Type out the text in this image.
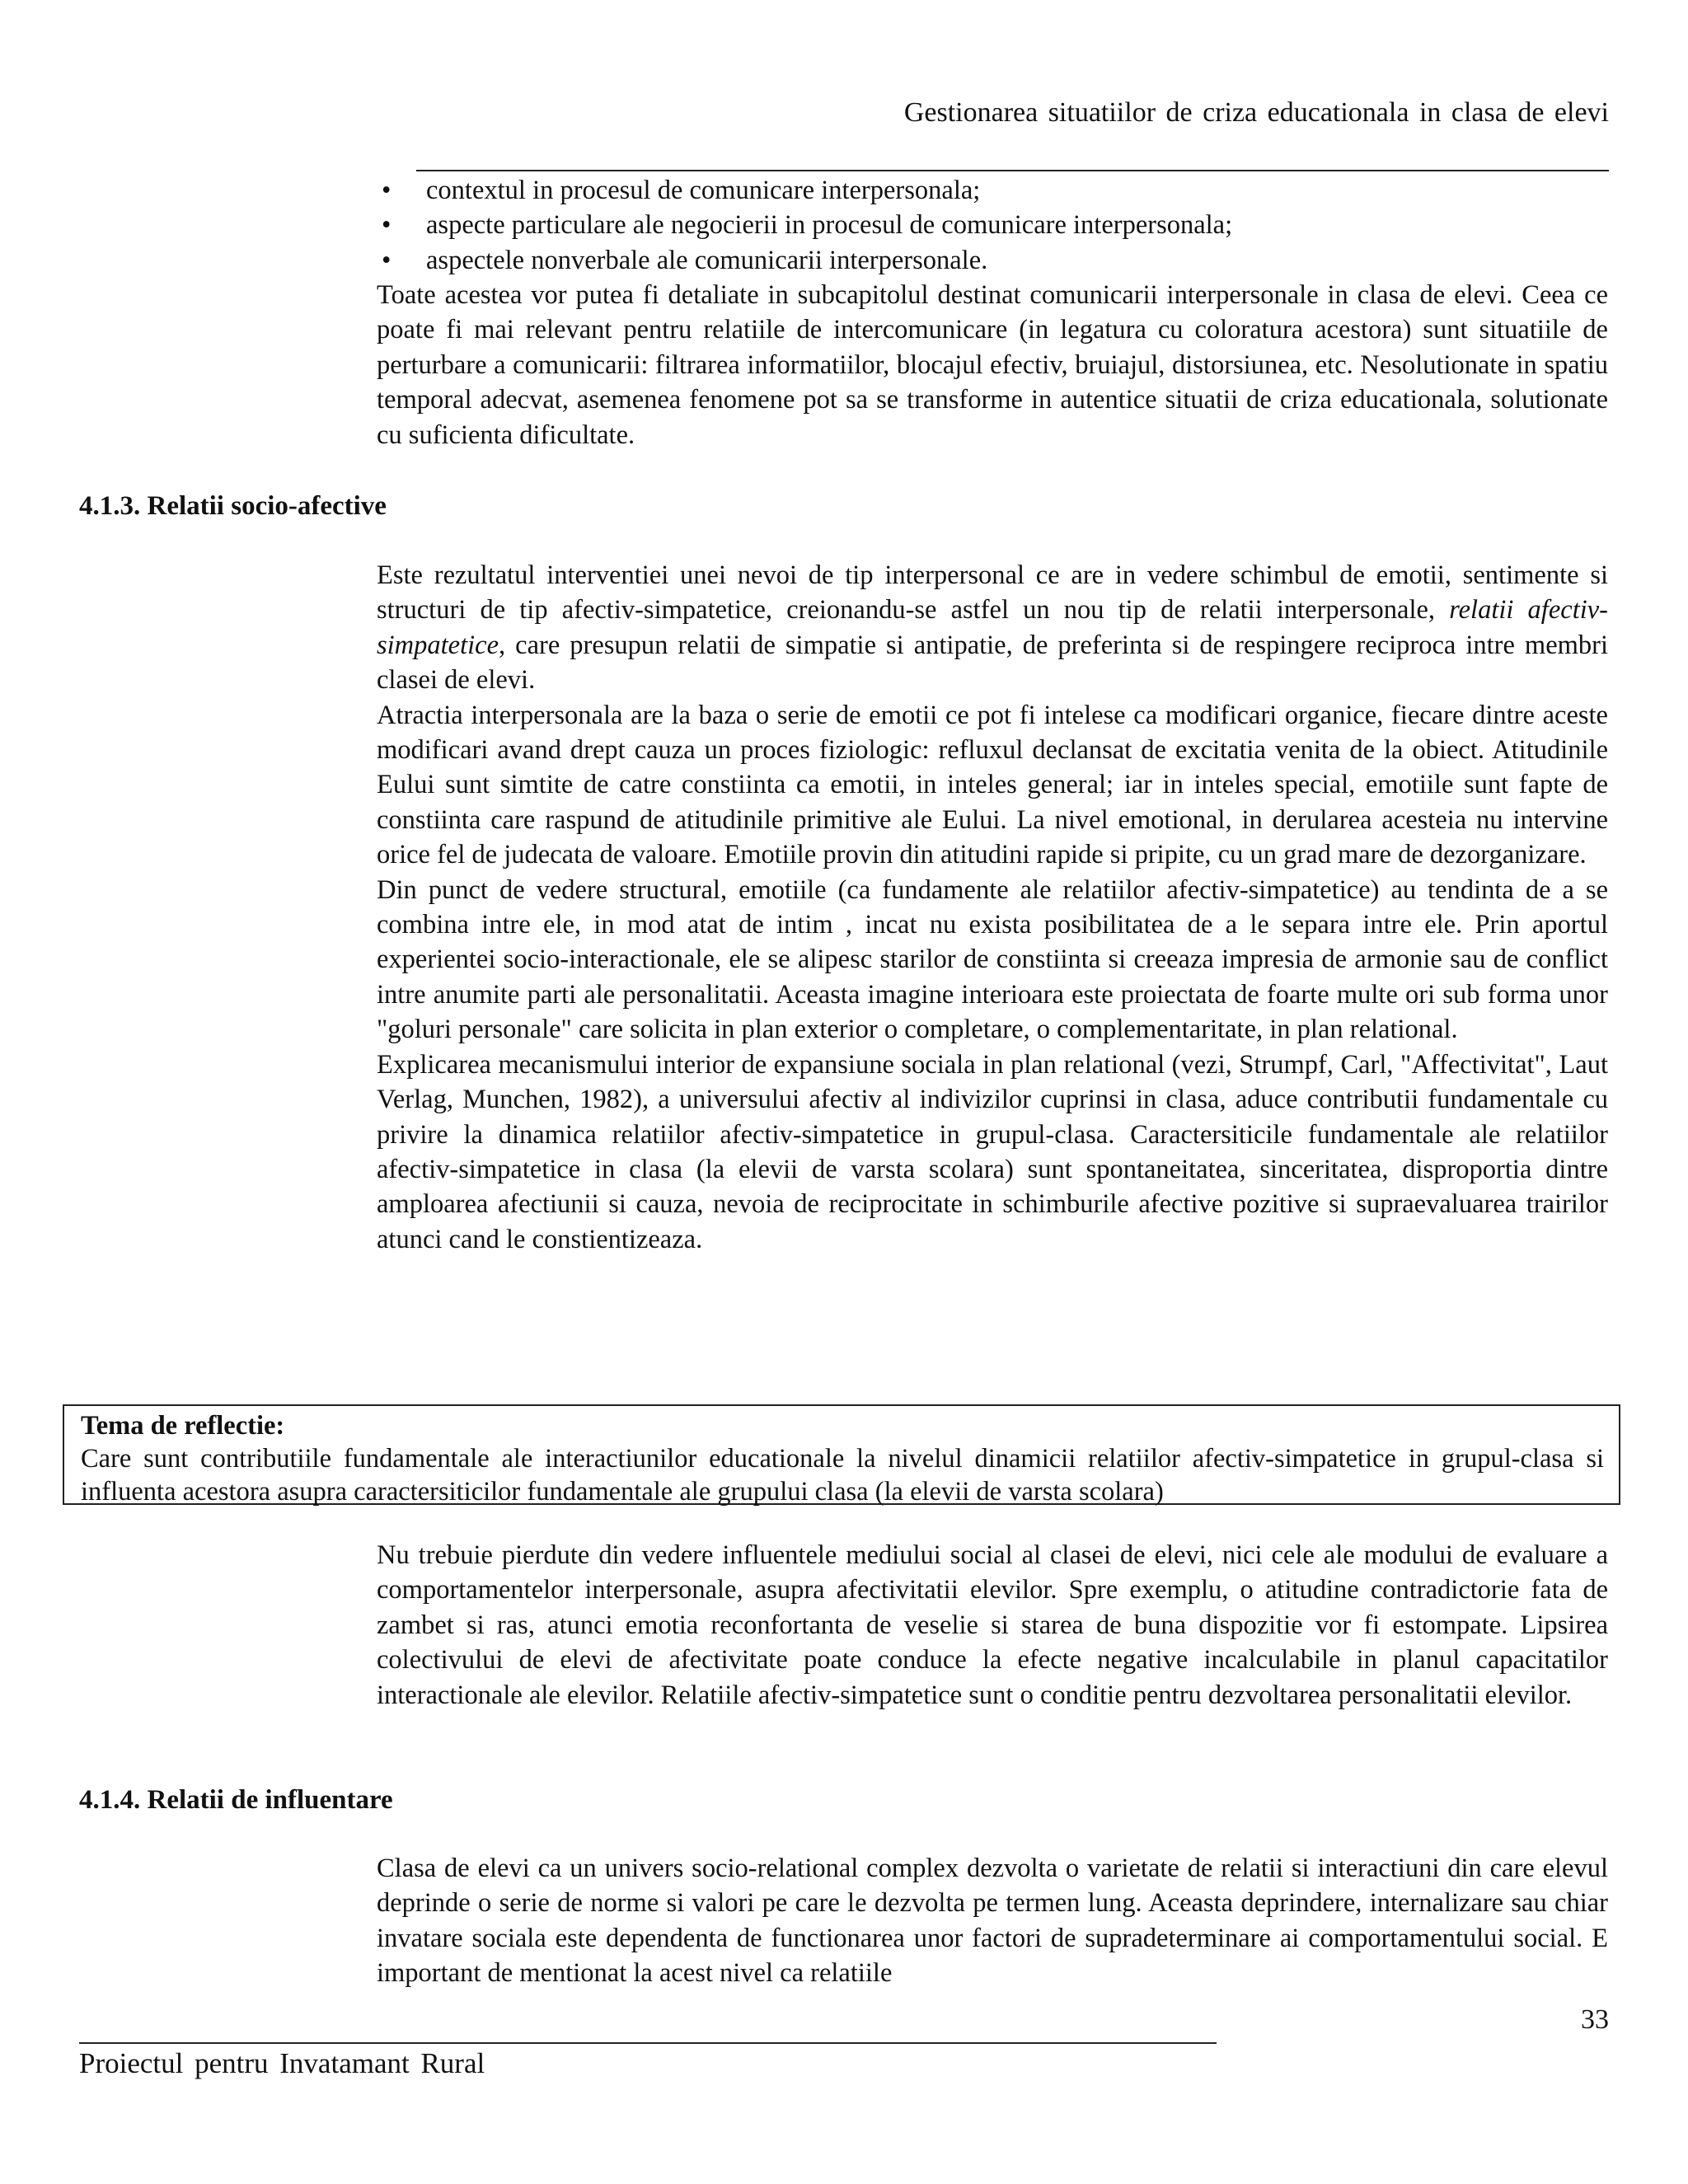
Gestionarea situatiilor de criza educationala in clasa de elevi
• contextul in procesul de comunicare interpersonala;
• aspecte particulare ale negocierii in procesul de comunicare interpersonala;
• aspectele nonverbale ale comunicarii interpersonale.

Toate acestea vor putea fi detaliate in subcapitolul destinat comunicarii interpersonale in clasa de elevi. Ceea ce poate fi mai relevant pentru relatiile de intercomunicare (in legatura cu coloratura acestora) sunt situatiile de perturbare a comunicarii: filtrarea informatiilor, blocajul efectiv, bruiajul, distorsiunea, etc. Nesolutionate in spatiu temporal adecvat, asemenea fenomene pot sa se transforme in autentice situatii de criza educationala, solutionate cu suficienta dificultate.

4.1.3. Relatii socio-afective

Este rezultatul interventiei unei nevoi de tip interpersonal ce are in vedere schimbul de emotii, sentimente si structuri de tip afectiv-simpatetice, creionandu-se astfel un nou tip de relatii interpersonale, relatii afectiv-simpatetice, care presupun relatii de simpatie si antipatie, de preferinta si de respingere reciproca intre membri clasei de elevi.

Atractia interpersonala are la baza o serie de emotii ce pot fi intelese ca modificari organice, fiecare dintre aceste modificari avand drept cauza un proces fiziologic: refluxul declansat de excitatia venita de la obiect. Atitudinile Eului sunt simtite de catre constiinta ca emotii, in inteles general; iar in inteles special, emotiile sunt fapte de constiinta care raspund de atitudinile primitive ale Eului. La nivel emotional, in derularea acesteia nu intervine orice fel de judecata de valoare. Emotiile provin din atitudini rapide si pripite, cu un grad mare de dezorganizare.

Din punct de vedere structural, emotiile (ca fundamente ale relatiilor afectiv-simpatetice) au tendinta de a se combina intre ele, in mod atat de intim , incat nu exista posibilitatea de a le separa intre ele. Prin aportul experientei socio-interactionale, ele se alipesc starilor de constiinta si creeaza impresia de armonie sau de conflict intre anumite parti ale personalitatii. Aceasta imagine interioara este proiectata de foarte multe ori sub forma unor "goluri personale" care solicita in plan exterior o completare, o complementaritate, in plan relational.

Explicarea mecanismului interior de expansiune sociala in plan relational (vezi, Strumpf, Carl, "Affectivitat", Laut Verlag, Munchen, 1982), a universului afectiv al indivizilor cuprinsi in clasa, aduce contributii fundamentale cu privire la dinamica relatiilor afectiv-simpatetice in grupul-clasa. Caractersiticile fundamentale ale relatiilor afectiv-simpatetice in clasa (la elevii de varsta scolara) sunt spontaneitatea, sinceritatea, disproportia dintre amploarea afectiunii si cauza, nevoia de reciprocitate in schimburile afective pozitive si supraevaluarea trairilor atunci cand le constientizeaza.

Tema de reflectie:

Care sunt contributiile fundamentale ale interactiunilor educationale la nivelul dinamicii relatiilor afectiv-simpatetice in grupul-clasa si influenta acestora asupra caractersiticilor fundamentale ale grupului clasa (la elevii de varsta scolara)

Nu trebuie pierdute din vedere influentele mediului social al clasei de elevi, nici cele ale modului de evaluare a comportamentelor interpersonale, asupra afectivitatii elevilor. Spre exemplu, o atitudine contradictorie fata de zambet si ras, atunci emotia reconfortanta de veselie si starea de buna dispozitie vor fi estompate. Lipsirea colectivului de elevi de afectivitate poate conduce la efecte negative incalculabile in planul capacitatilor interactionale ale elevilor. Relatiile afectiv-simpatetice sunt o conditie pentru dezvoltarea personalitatii elevilor.

4.1.4. Relatii de influentare

Clasa de elevi ca un univers socio-relational complex dezvolta o varietate de relatii si interactiuni din care elevul deprinde o serie de norme si valori pe care le dezvolta pe termen lung. Aceasta deprindere, internalizare sau chiar invatare sociala este dependenta de functionarea unor factori de supradeterminare ai comportamentului social. E important de mentionat la acest nivel ca relatiile

33
Proiectul pentru Invatamant Rural
